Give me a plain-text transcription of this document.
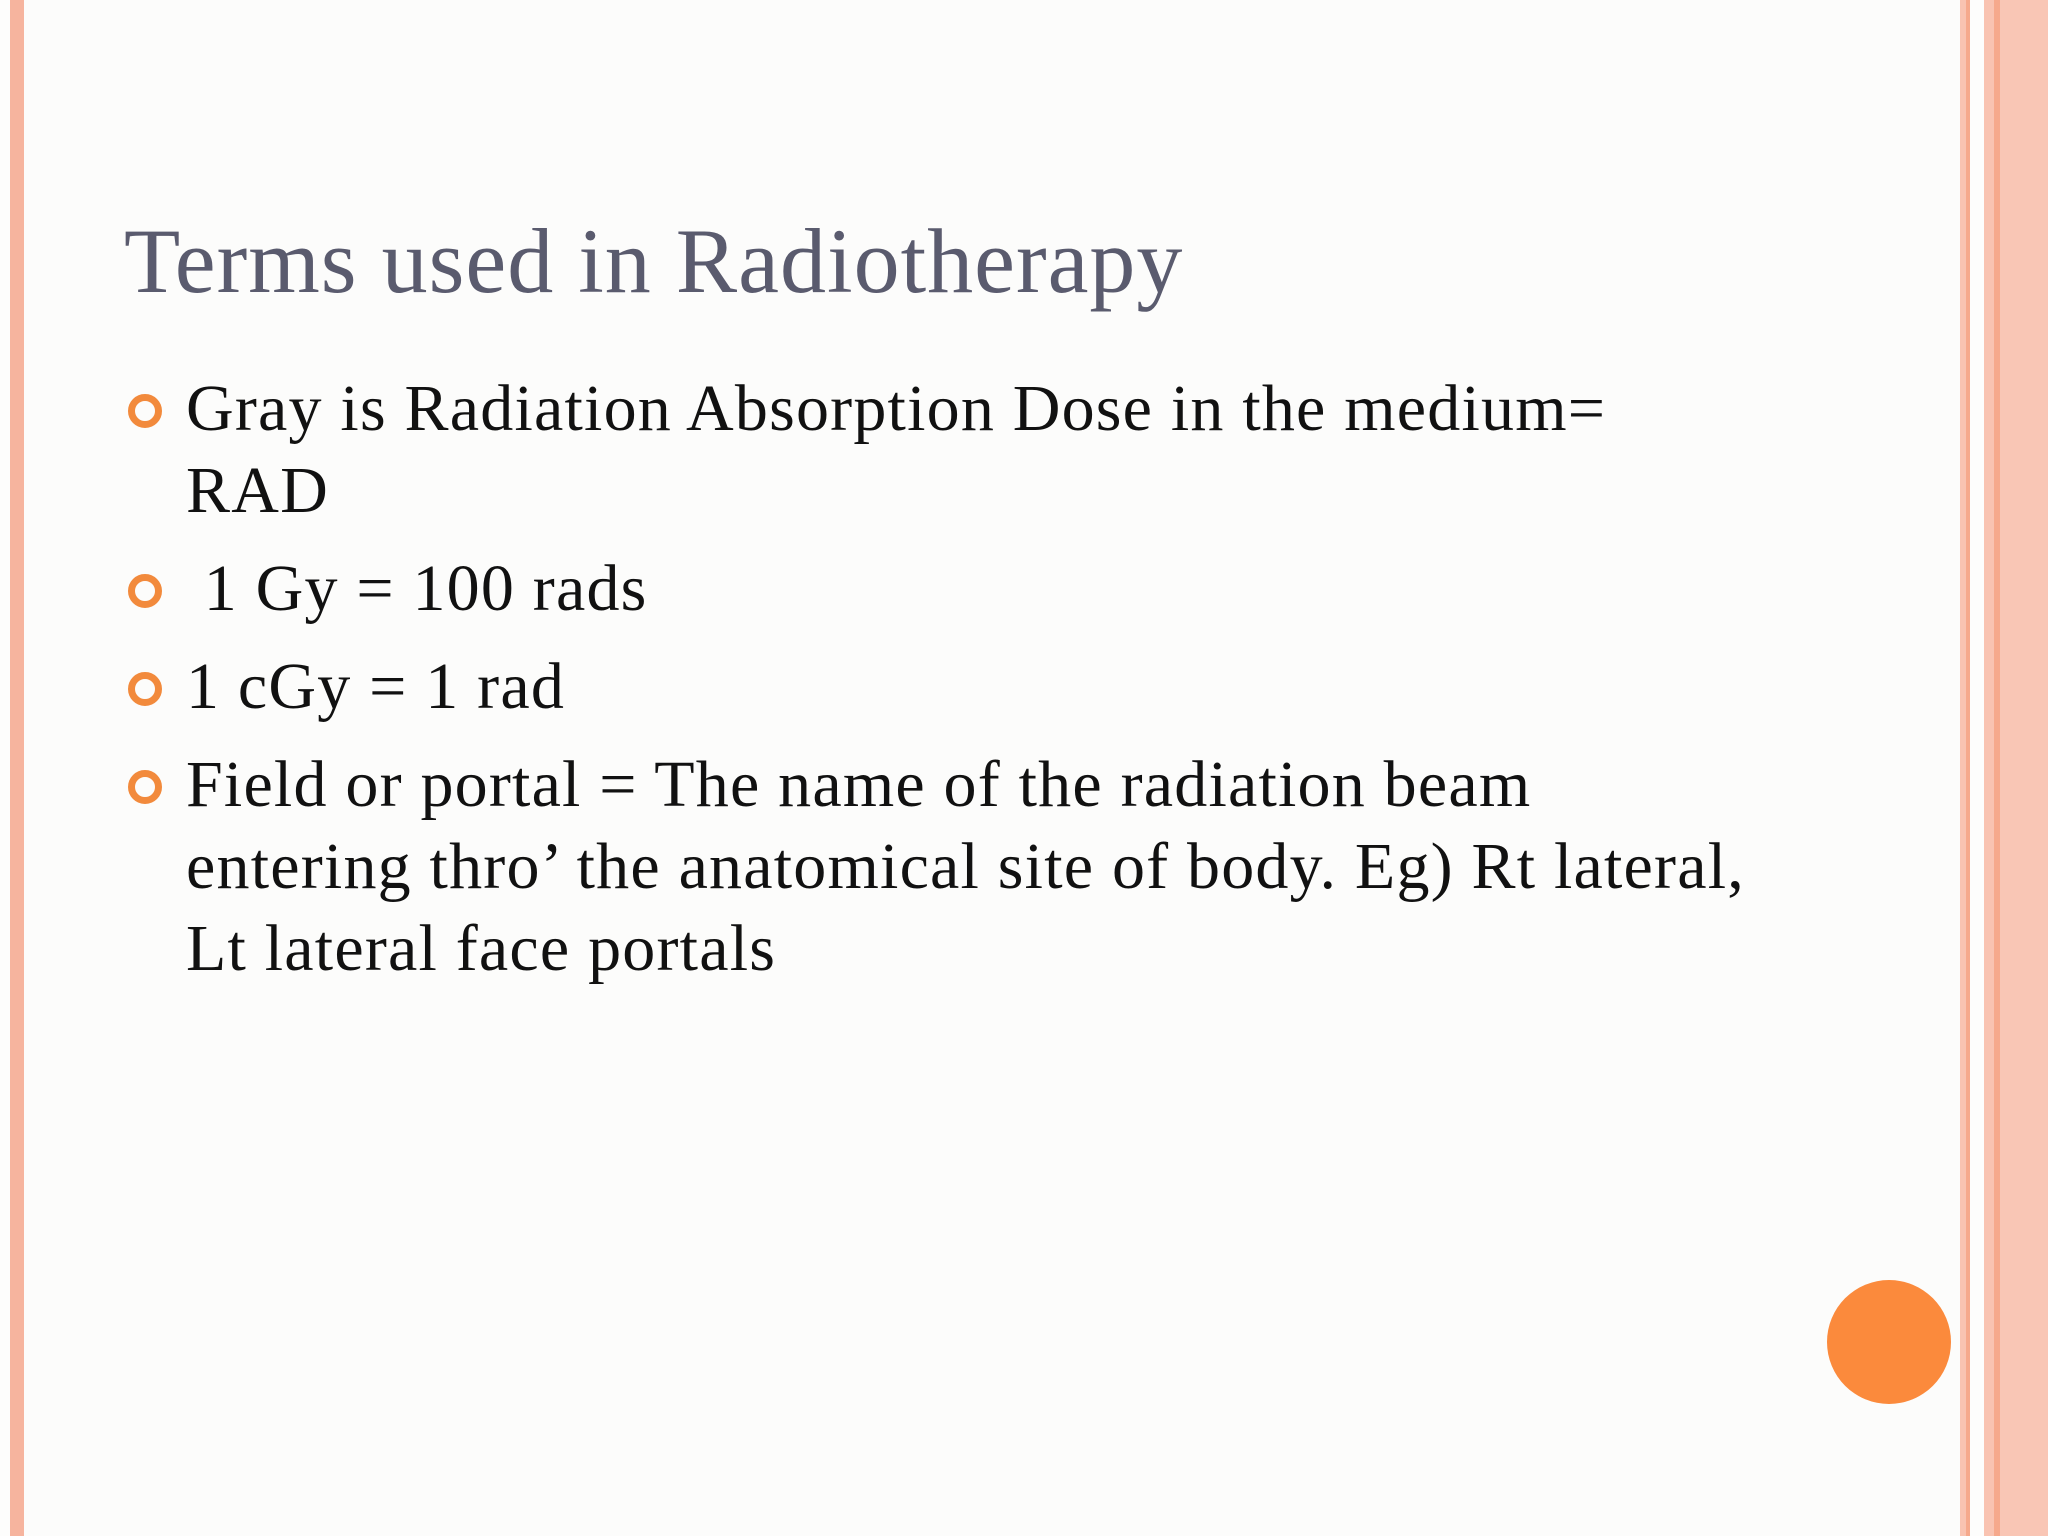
Terms used in Radiotherapy
Gray is Radiation Absorption Dose in the medium= RAD
1 Gy = 100 rads
1 cGy = 1 rad
Field or portal = The name of the radiation beam entering thro’ the anatomical site of body. Eg) Rt lateral, Lt lateral face portals
